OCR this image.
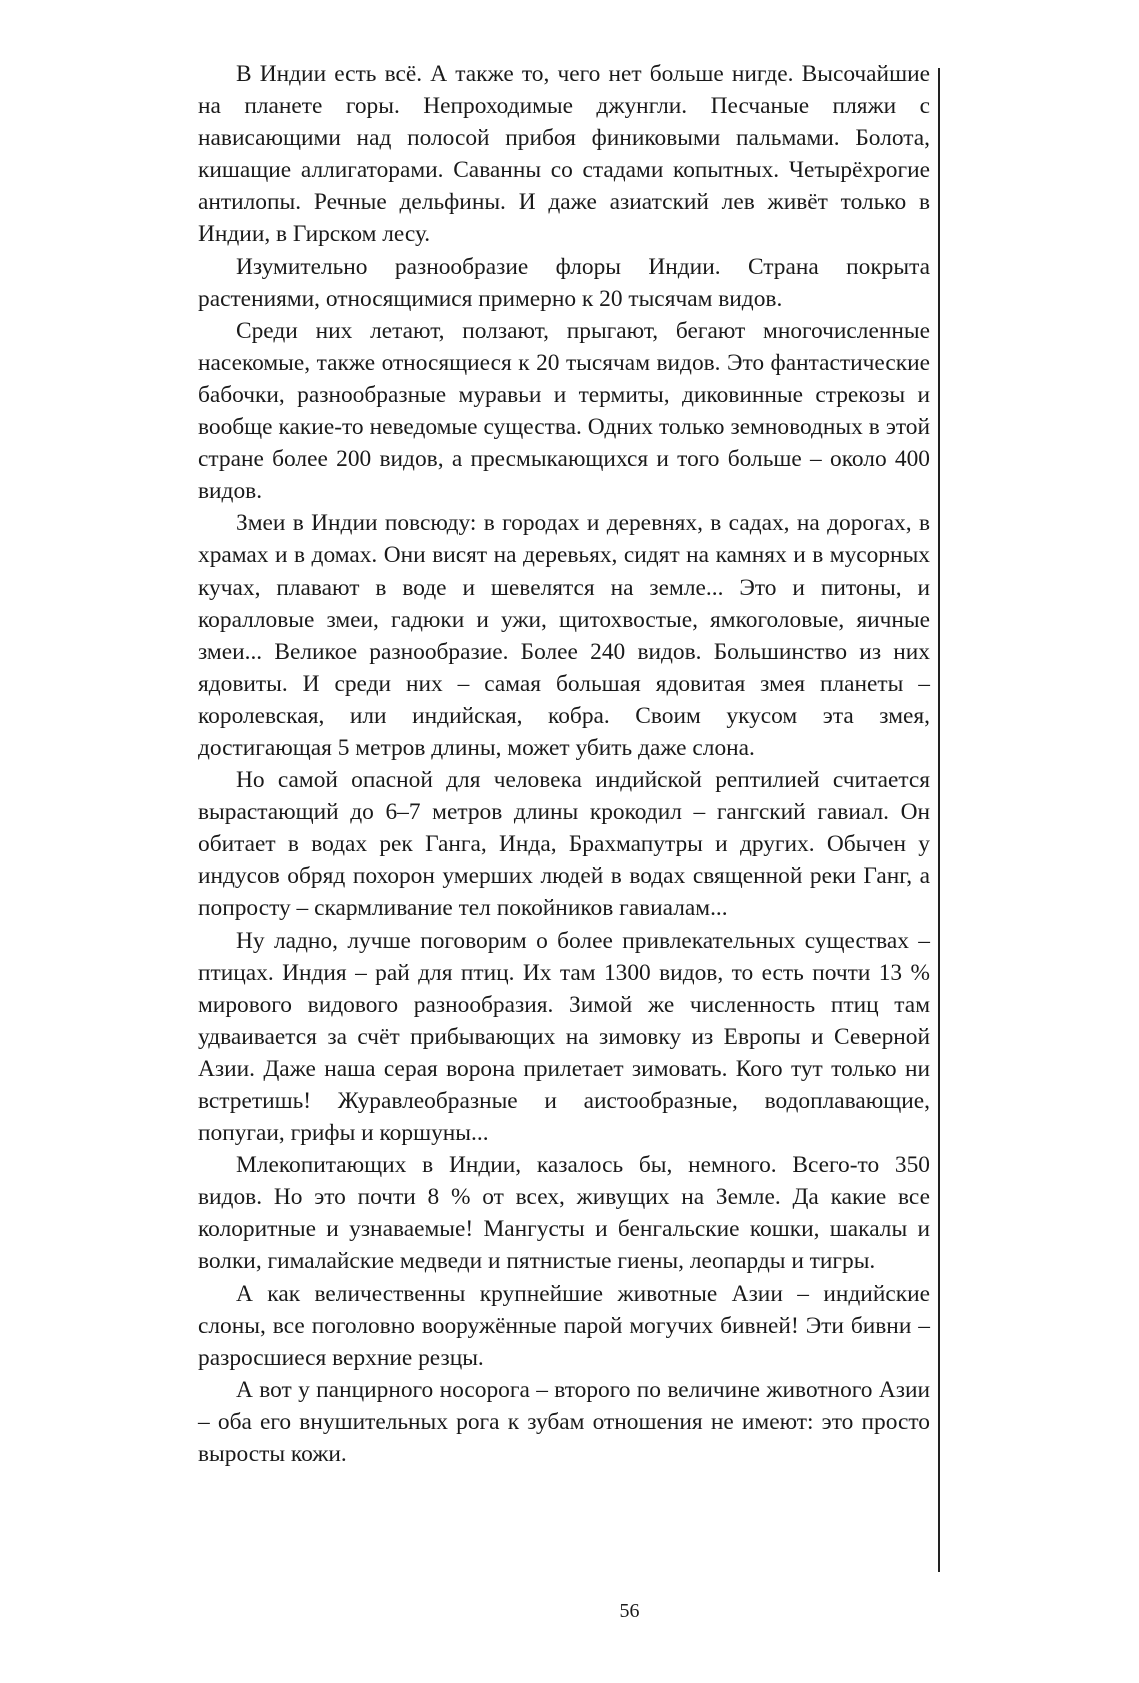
В Индии есть всё. А также то, чего нет больше нигде. Высочайшие на планете горы. Непроходимые джунгли. Песчаные пляжи с нависающими над полосой прибоя финиковыми пальмами. Болота, кишащие аллигаторами. Саванны со стадами копытных. Четырёхрогие антилопы. Речные дельфины. И даже азиатский лев живёт только в Индии, в Гирском лесу.

Изумительно разнообразие флоры Индии. Страна покрыта растениями, относящимися примерно к 20 тысячам видов.

Среди них летают, ползают, прыгают, бегают многочисленные насекомые, также относящиеся к 20 тысячам видов. Это фантастические бабочки, разнообразные муравьи и термиты, диковинные стрекозы и вообще какие-то неведомые существа. Одних только земноводных в этой стране более 200 видов, а пресмыкающихся и того больше – около 400 видов.

Змеи в Индии повсюду: в городах и деревнях, в садах, на дорогах, в храмах и в домах. Они висят на деревьях, сидят на камнях и в мусорных кучах, плавают в воде и шевелятся на земле... Это и питоны, и коралловые змеи, гадюки и ужи, щитохвостые, ямкоголовые, яичные змеи... Великое разнообразие. Более 240 видов. Большинство из них ядовиты. И среди них – самая большая ядовитая змея планеты – королевская, или индийская, кобра. Своим укусом эта змея, достигающая 5 метров длины, может убить даже слона.

Но самой опасной для человека индийской рептилией считается вырастающий до 6–7 метров длины крокодил – гангский гавиал. Он обитает в водах рек Ганга, Инда, Брахмапутры и других. Обычен у индусов обряд похорон умерших людей в водах священной реки Ганг, а попросту – скармливание тел покойников гавиалам...

Ну ладно, лучше поговорим о более привлекательных существах – птицах. Индия – рай для птиц. Их там 1300 видов, то есть почти 13 % мирового видового разнообразия. Зимой же численность птиц там удваивается за счёт прибывающих на зимовку из Европы и Северной Азии. Даже наша серая ворона прилетает зимовать. Кого тут только ни встретишь! Журавлеобразные и аистообразные, водоплавающие, попугаи, грифы и коршуны...

Млекопитающих в Индии, казалось бы, немного. Всего-то 350 видов. Но это почти 8 % от всех, живущих на Земле. Да какие все колоритные и узнаваемые! Мангусты и бенгальские кошки, шакалы и волки, гималайские медведи и пятнистые гиены, леопарды и тигры.

А как величественны крупнейшие животные Азии – индийские слоны, все поголовно вооружённые парой могучих бивней! Эти бивни – разросшиеся верхние резцы.

А вот у панцирного носорога – второго по величине животного Азии – оба его внушительных рога к зубам отношения не имеют: это просто выросты кожи.

56
